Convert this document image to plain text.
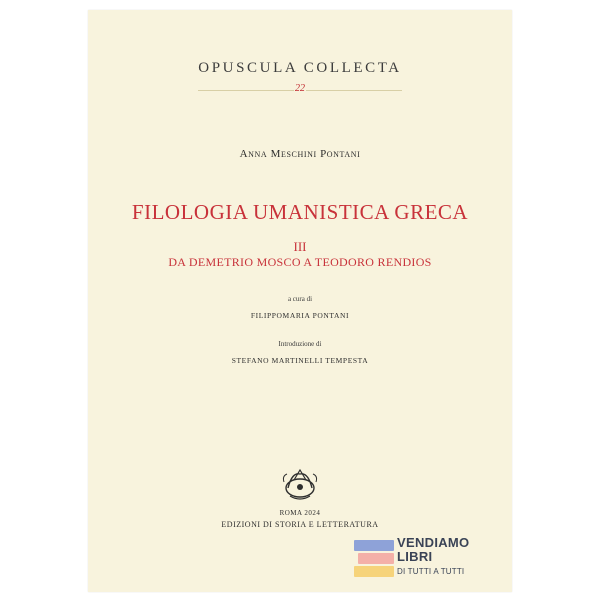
OPUSCULA COLLECTA
22
Anna Meschini Pontani
FILOLOGIA UMANISTICA GRECA
III
DA DEMETRIO MOSCO A TEODORO RENDIOS
a cura di
FILIPPOMARIA PONTANI
Introduzione di
STEFANO MARTINELLI TEMPESTA
ROMA 2024
EDIZIONI DI STORIA E LETTERATURA
VENDIAMO
LIBRI
DI TUTTI A TUTTI
